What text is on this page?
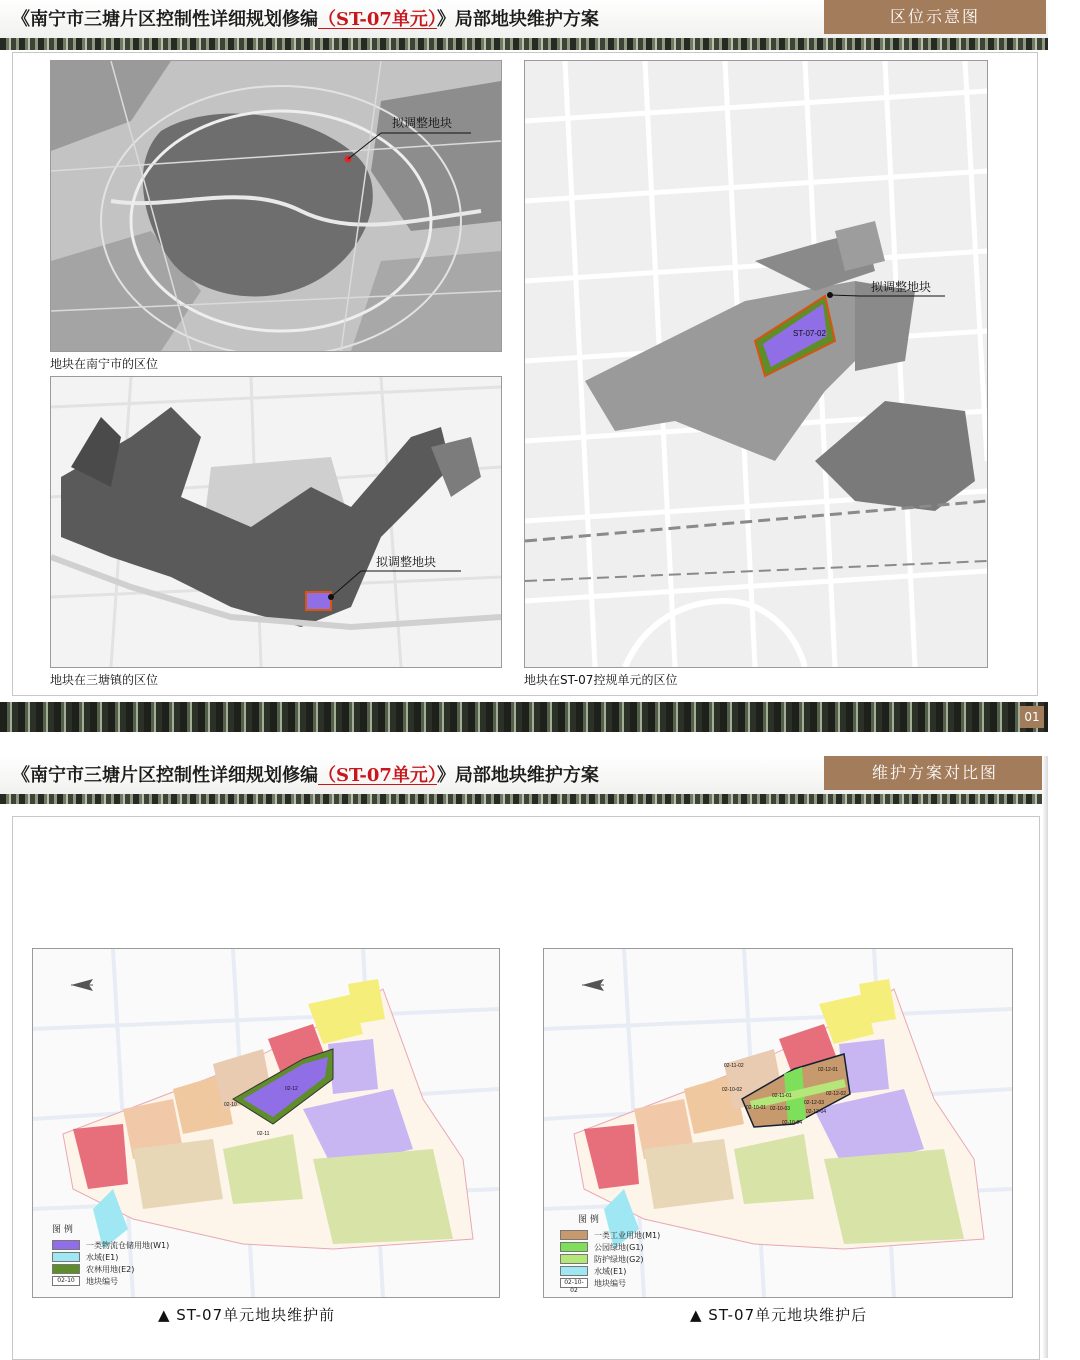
《南宁市三塘片区控制性详细规划修编（ST-07单元）》局部地块维护方案	区位示意图
拟调整地块
地块在南宁市的区位
拟调整地块
地块在三塘镇的区位
ST-07-02
拟调整地块
地块在ST-07控规单元的区位
01
《南宁市三塘片区控制性详细规划修编（ST-07单元）》局部地块维护方案	维护方案对比图
02-12
02-11
02-10
图 例
一类物流仓储用地(W1)
水域(E1)
农林用地(E2)
02-10	地块编号
▲ ST-07单元地块维护前
02-11-02
02-10-02
02-11-01
02-12-01
02-12-02
02-10-01 02-10-03
02-12-03
02-10-04
02-12-04
图 例
一类工业用地(M1)
公园绿地(G1)
防护绿地(G2)
水域(E1)
02-10-02
地块编号
▲ ST-07单元地块维护后
